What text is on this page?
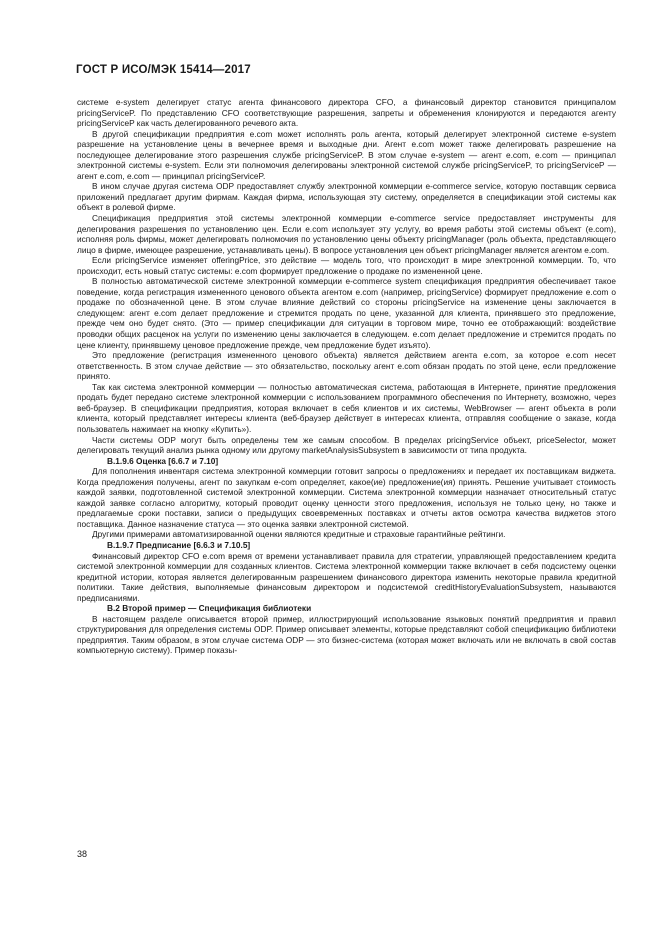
ГОСТ Р ИСО/МЭК 15414—2017

системе e-system делегирует статус агента финансового директора CFO, а финансовый директор становится принципалом pricingServiceP. По представлению CFO соответствующие разрешения, запреты и обременения клонируются и передаются агенту pricingServiceP как часть делегированного речевого акта.

В другой спецификации предприятия e.com может исполнять роль агента, который делегирует электронной системе e-system разрешение на установление цены в вечернее время и выходные дни. Агент e.com может также делегировать разрешение на последующее делегирование этого разрешения службе pricingServiceP. В этом случае e-system — агент e.com, e.com — принципал электронной системы e-system. Если эти полномочия делегированы электронной системой службе pricingServiceP, то pricingServiceP — агент e.com, e.com — принципал pricingServiceP.

В ином случае другая система ODP предоставляет службу электронной коммерции e-commerce service, которую поставщик сервиса приложений предлагает другим фирмам. Каждая фирма, использующая эту систему, определяется в спецификации этой системы как объект в ролевой фирме.

Спецификация предприятия этой системы электронной коммерции e-commerce service предоставляет инструменты для делегирования разрешения по установлению цен. Если e.com использует эту услугу, во время работы этой системы объект (e.com), исполняя роль фирмы, может делегировать полномочия по установлению цены объекту pricingManager (роль объекта, представляющего лицо в фирме, имеющее разрешение, устанавливать цены). В вопросе установления цен объект pricingManager является агентом e.com.

Если pricingService изменяет offeringPrice, это действие — модель того, что происходит в мире электронной коммерции. То, что происходит, есть новый статус системы: e.com формирует предложение о продаже по измененной цене.

В полностью автоматической системе электронной коммерции e-commerce system спецификация предприятия обеспечивает такое поведение, когда регистрация измененного ценового объекта агентом e.com (например, pricingService) формирует предложение e.com о продаже по обозначенной цене. В этом случае влияние действий со стороны pricingService на изменение цены заключается в следующем: агент e.com делает предложение и стремится продать по цене, указанной для клиента, принявшего это предложение, прежде чем оно будет снято. (Это — пример спецификации для ситуации в торговом мире, точно ее отображающий: воздействие проводки общих расценок на услуги по изменению цены заключается в следующем. e.com делает предложение и стремится продать по цене клиенту, принявшему ценовое предложение прежде, чем предложение будет изъято).

Это предложение (регистрация измененного ценового объекта) является действием агента e.com, за которое e.com несет ответственность. В этом случае действие — это обязательство, поскольку агент e.com обязан продать по этой цене, если предложение принято.

Так как система электронной коммерции — полностью автоматическая система, работающая в Интернете, принятие предложения продать будет передано системе электронной коммерции с использованием программного обеспечения по Интернету, возможно, через веб-браузер. В спецификации предприятия, которая включает в себя клиентов и их системы, WebBrowser — агент объекта в роли клиента, который представляет интересы клиента (веб-браузер действует в интересах клиента, отправляя сообщение о заказе, когда пользователь нажимает на кнопку «Купить»).

Части системы ODP могут быть определены тем же самым способом. В пределах pricingService объект, priceSelector, может делегировать текущий анализ рынка одному или другому marketAnalysisSubsystem в зависимости от типа продукта.

В.1.9.6 Оценка [6.6.7 и 7.10]

Для пополнения инвентаря система электронной коммерции готовит запросы о предложениях и передает их поставщикам виджета. Когда предложения получены, агент по закупкам e-com определяет, какое(ие) предложение(ия) принять. Решение учитывает стоимость каждой заявки, подготовленной системой электронной коммерции. Система электронной коммерции назначает относительный статус каждой заявке согласно алгоритму, который проводит оценку ценности этого предложения, используя не только цену, но также и предлагаемые сроки поставки, записи о предыдущих своевременных поставках и отчеты актов осмотра качества виджетов этого поставщика. Данное назначение статуса — это оценка заявки электронной системой.

Другими примерами автоматизированной оценки являются кредитные и страховые гарантийные рейтинги.

В.1.9.7 Предписание [6.6.3 и 7.10.5]

Финансовый директор CFO e.com время от времени устанавливает правила для стратегии, управляющей предоставлением кредита системой электронной коммерции для созданных клиентов. Система электронной коммерции также включает в себя подсистему оценки кредитной истории, которая является делегированным разрешением финансового директора изменить некоторые правила кредитной политики. Такие действия, выполняемые финансовым директором и подсистемой creditHistoryEvaluationSubsystem, называются предписаниями.

В.2 Второй пример — Спецификация библиотеки

В настоящем разделе описывается второй пример, иллюстрирующий использование языковых понятий предприятия и правил структурирования для определения системы ODP. Пример описывает элементы, которые представляют собой спецификацию библиотеки предприятия. Таким образом, в этом случае система ODP — это бизнес-система (которая может включать или не включать в свой состав компьютерную систему). Пример показы-

38
